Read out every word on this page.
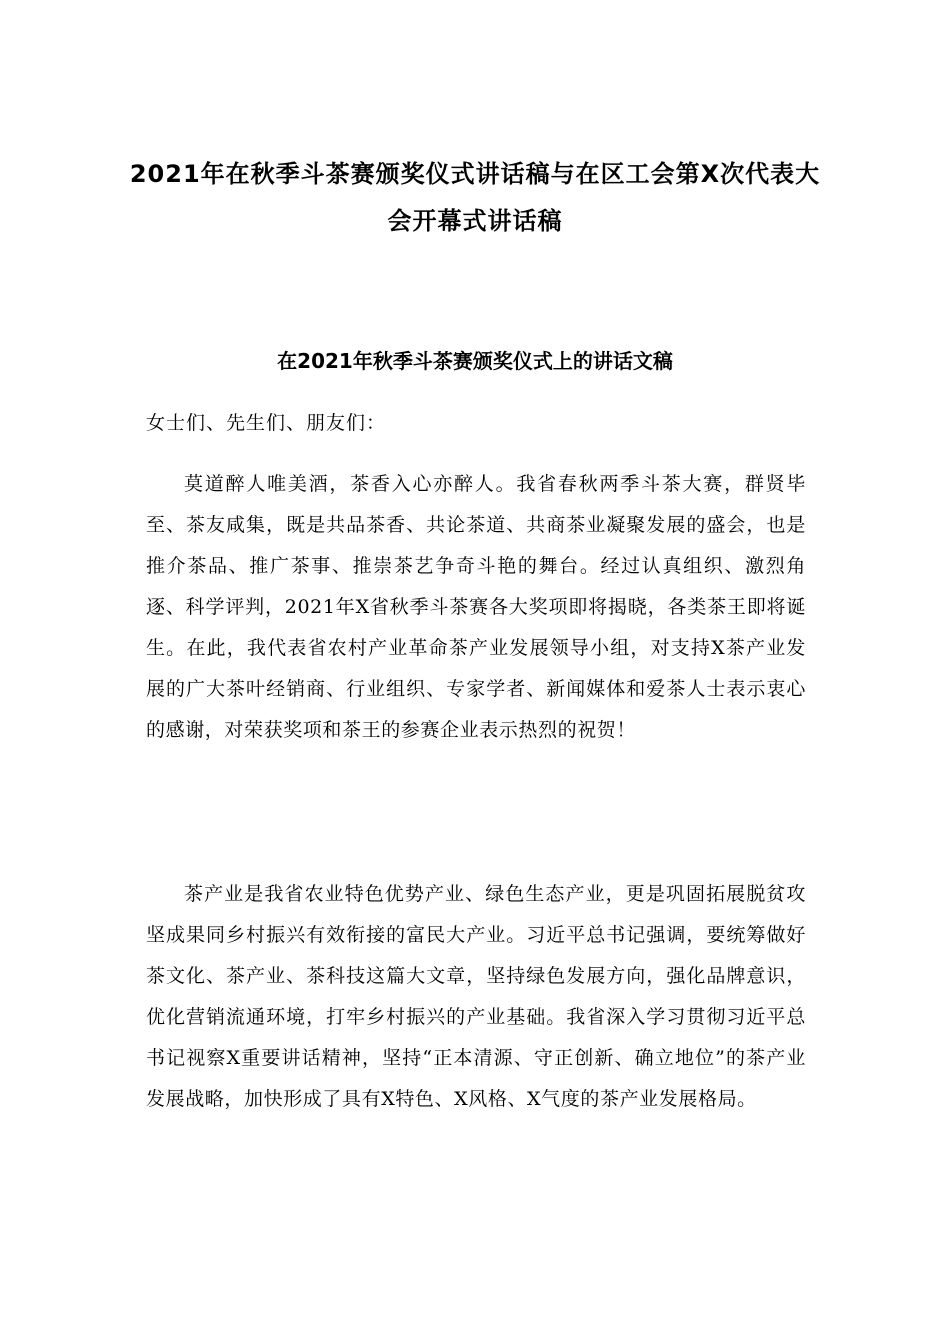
2021年在秋季斗茶赛颁奖仪式讲话稿与在区工会第X次代表大会开幕式讲话稿
在2021年秋季斗茶赛颁奖仪式上的讲话文稿

女士们、先生们、朋友们：

莫道醉人唯美酒，茶香入心亦醉人。我省春秋两季斗茶大赛，群贤毕至、茶友咸集，既是共品茶香、共论茶道、共商茶业凝聚发展的盛会，也是推介茶品、推广茶事、推崇茶艺争奇斗艳的舞台。经过认真组织、激烈角逐、科学评判，2021年X省秋季斗茶赛各大奖项即将揭晓，各类茶王即将诞生。在此，我代表省农村产业革命茶产业发展领导小组，对支持X茶产业发展的广大茶叶经销商、行业组织、专家学者、新闻媒体和爱茶人士表示衷心的感谢，对荣获奖项和茶王的参赛企业表示热烈的祝贺！

茶产业是我省农业特色优势产业、绿色生态产业，更是巩固拓展脱贫攻坚成果同乡村振兴有效衔接的富民大产业。习近平总书记强调，要统筹做好茶文化、茶产业、茶科技这篇大文章，坚持绿色发展方向，强化品牌意识，优化营销流通环境，打牢乡村振兴的产业基础。我省深入学习贯彻习近平总书记视察X重要讲话精神，坚持“正本清源、守正创新、确立地位”的茶产业发展战略，加快形成了具有X特色、X风格、X气度的茶产业发展格局。
